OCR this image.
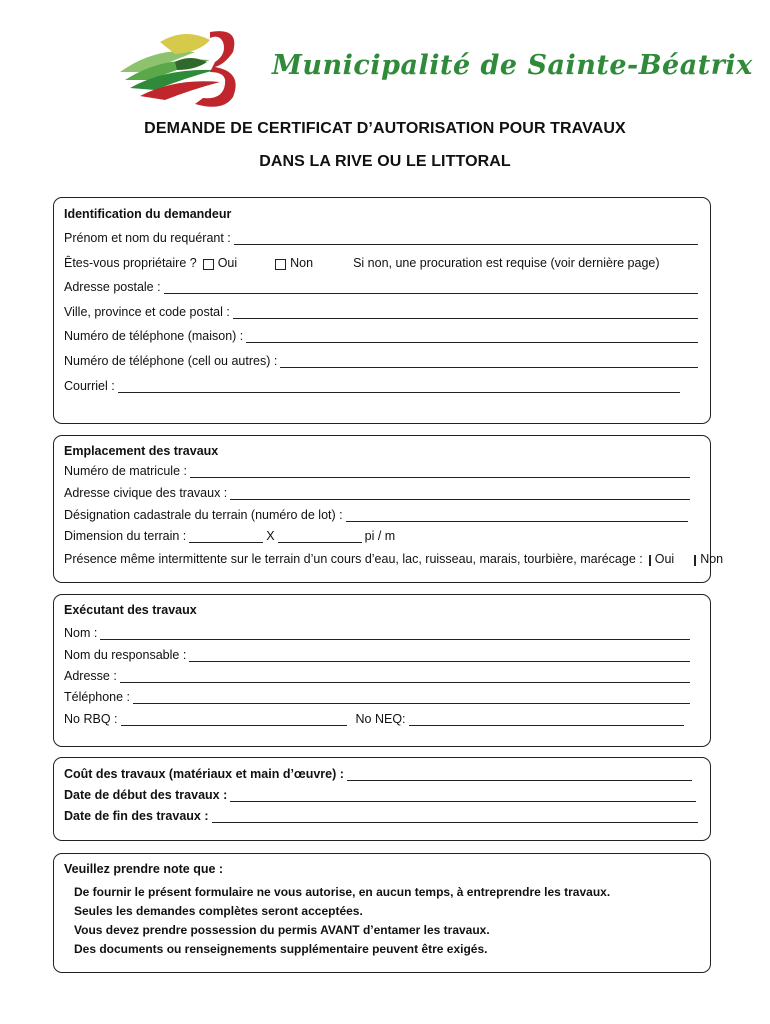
Municipalité de Sainte-Béatrix
DEMANDE DE CERTIFICAT D’AUTORISATION POUR TRAVAUX
DANS LA RIVE OU LE LITTORAL
Identification du demandeur
Prénom et nom du requérant :
Êtes-vous propriétaire ? Oui	Non	Si non, une procuration est requise (voir dernière page)
Adresse postale :
Ville, province et code postal :
Numéro de téléphone (maison) :
Numéro de téléphone (cell ou autres) :
Courriel :
Emplacement des travaux
Numéro de matricule :
Adresse civique des travaux :
Désignation cadastrale du terrain (numéro de lot) :
Dimension du terrain :	X	pi / m
Présence même intermittente sur le terrain d’un cours d’eau, lac, ruisseau, marais, tourbière, marécage : Oui Non
Exécutant des travaux
Nom :
Nom du responsable :
Adresse :
Téléphone :
No RBQ :	No NEQ:
Coût des travaux (matériaux et main d’œuvre) :
Date de début des travaux :
Date de fin des travaux :
Veuillez prendre note que :
De fournir le présent formulaire ne vous autorise, en aucun temps, à entreprendre les travaux.
Seules les demandes complètes seront acceptées.
Vous devez prendre possession du permis AVANT d’entamer les travaux.
Des documents ou renseignements supplémentaire peuvent être exigés.
